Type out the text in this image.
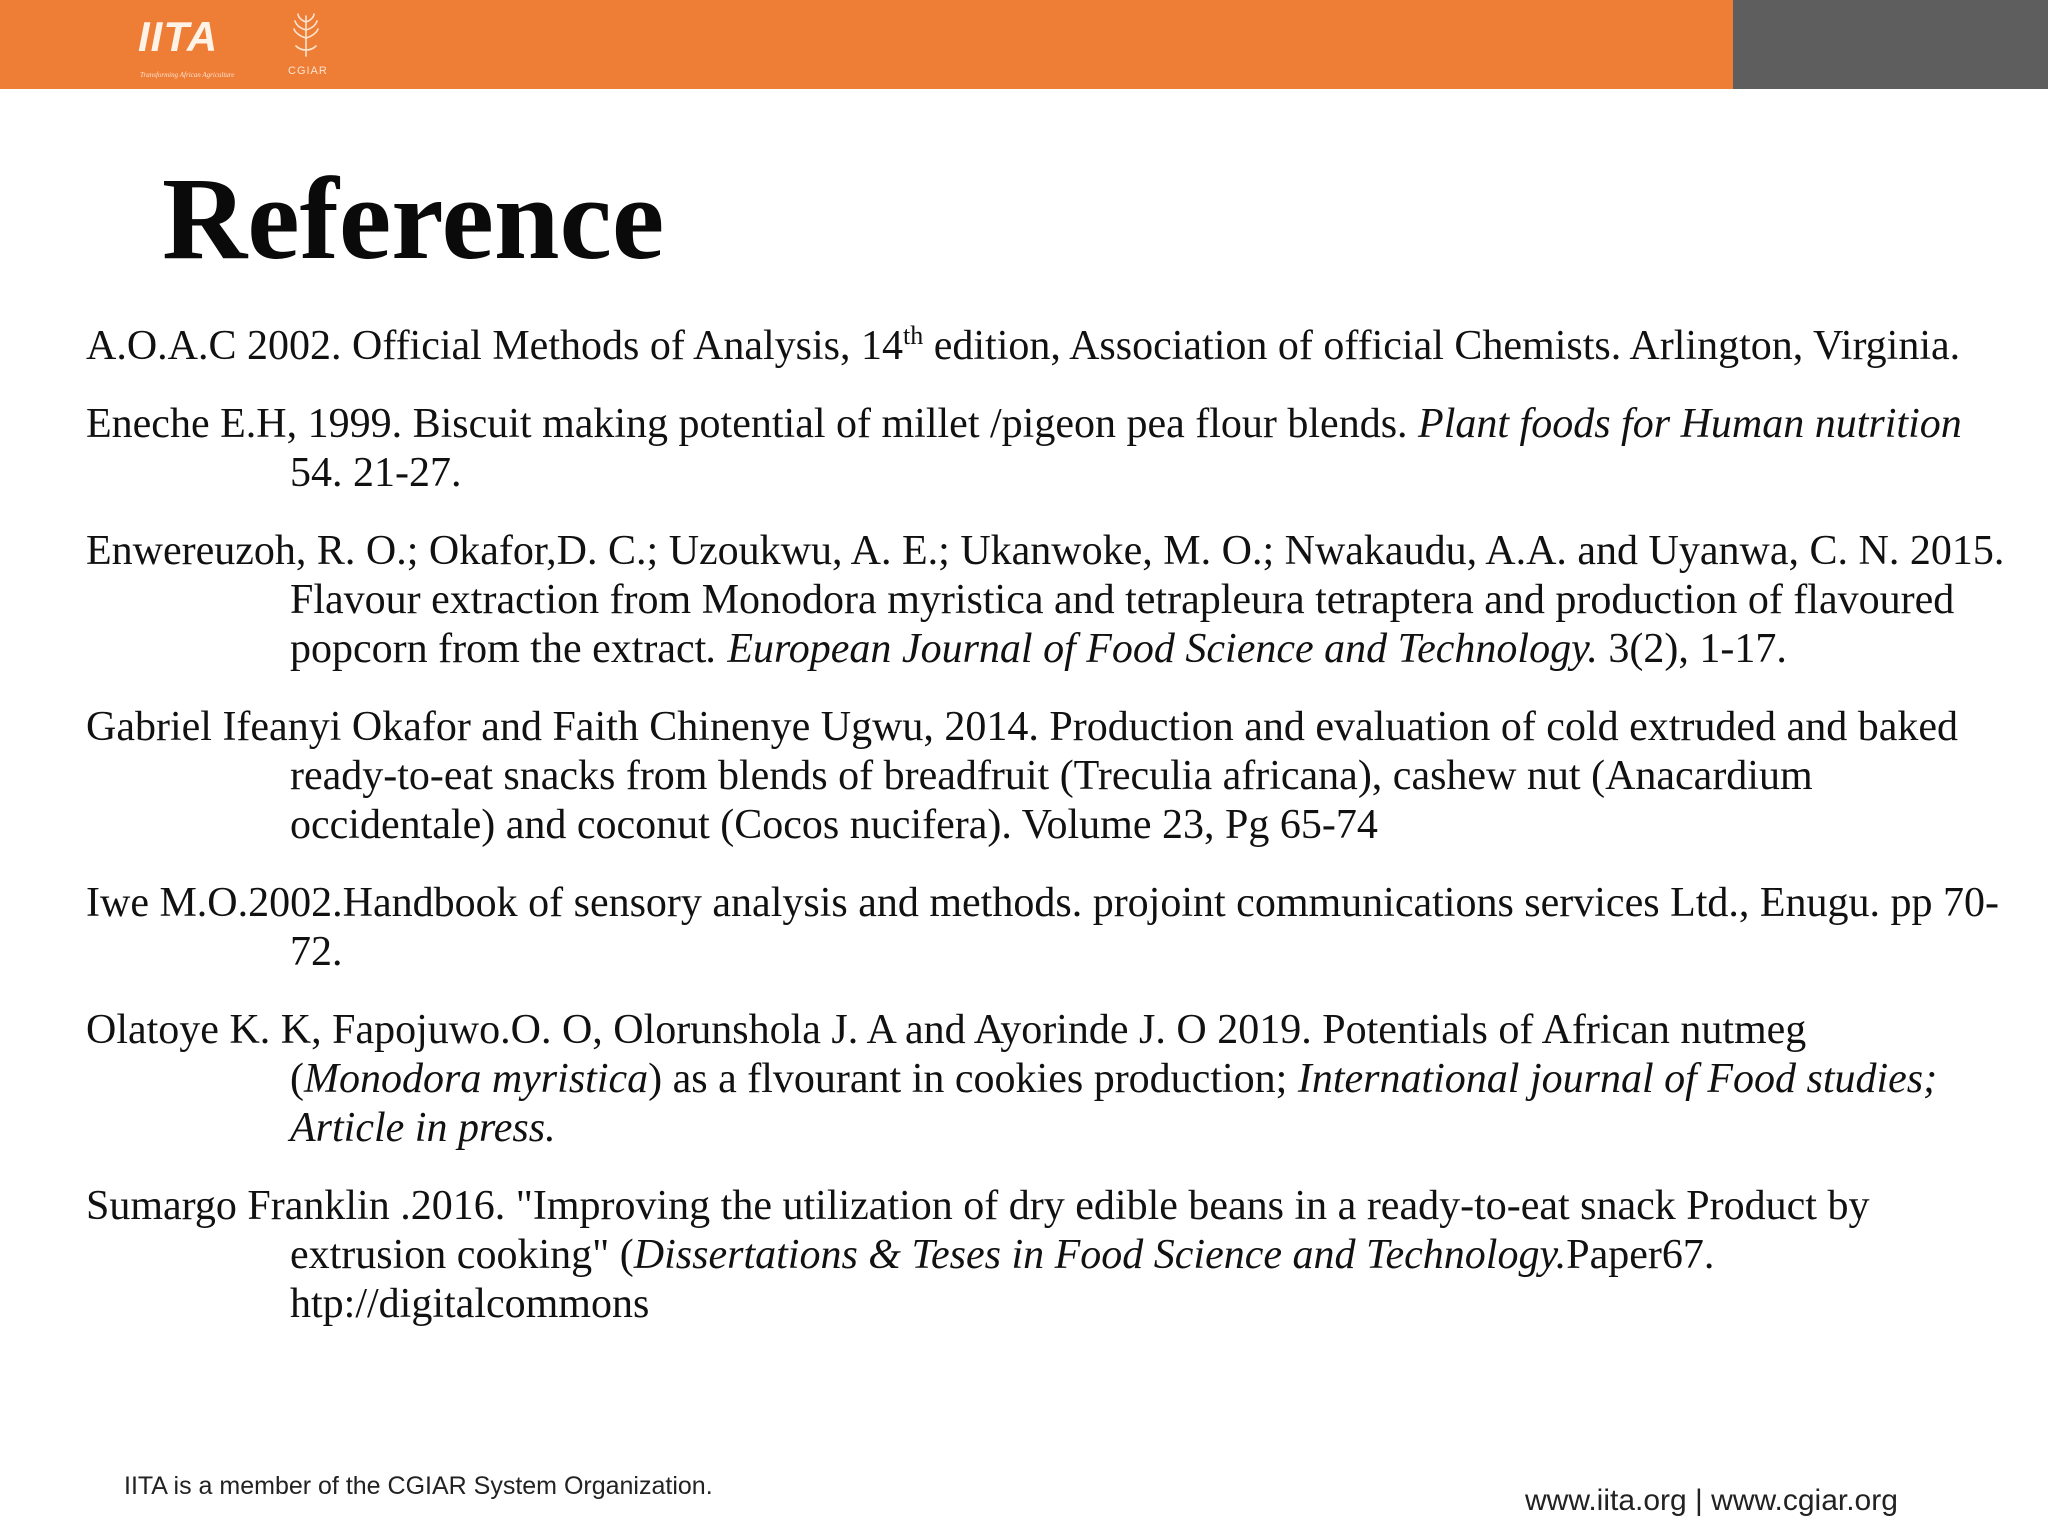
IITA
Transforming African Agriculture	CGIAR
Reference

A.O.A.C 2002. Official Methods of Analysis, 14th edition, Association of official Chemists. Arlington, Virginia.

Eneche E.H, 1999. Biscuit making potential of millet /pigeon pea flour blends. Plant foods for Human nutrition 54. 21-27.

Enwereuzoh, R. O.; Okafor,D. C.; Uzoukwu, A. E.; Ukanwoke, M. O.; Nwakaudu, A.A. and Uyanwa, C. N. 2015. Flavour extraction from Monodora myristica and tetrapleura tetraptera and production of flavoured popcorn from the extract. European Journal of Food Science and Technology. 3(2), 1-17.

Gabriel Ifeanyi Okafor and Faith Chinenye Ugwu, 2014. Production and evaluation of cold extruded and baked ready-to-eat snacks from blends of breadfruit (Treculia africana), cashew nut (Anacardium occidentale) and coconut (Cocos nucifera). Volume 23, Pg 65-74

Iwe M.O.2002.Handbook of sensory analysis and methods. projoint communications services Ltd., Enugu. pp 70-72.

Olatoye K. K, Fapojuwo.O. O, Olorunshola J. A and Ayorinde J. O 2019. Potentials of African nutmeg (Monodora myristica) as a flvourant in cookies production; International journal of Food studies; Article in press.

Sumargo Franklin .2016. "Improving the utilization of dry edible beans in a ready-to-eat snack Product by extrusion cooking" (Dissertations & Teses in Food Science and Technology.Paper67. htp://digitalcommons

IITA is a member of the CGIAR System Organization.	www.iita.org | www.cgiar.org
